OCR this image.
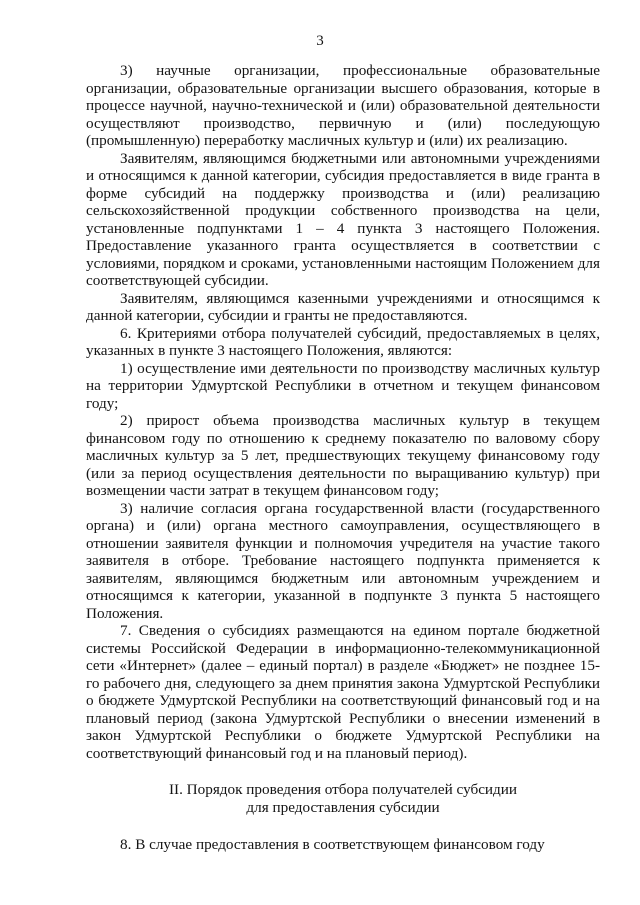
3

3) научные организации, профессиональные образовательные организации, образовательные организации высшего образования, которые в процессе научной, научно-технической и (или) образовательной деятельности осуществляют производство, первичную и (или) последующую (промышленную) переработку масличных культур и (или) их реализацию.

Заявителям, являющимся бюджетными или автономными учреждениями и относящимся к данной категории, субсидия предоставляется в виде гранта в форме субсидий на поддержку производства и (или) реализацию сельскохозяйственной продукции собственного производства на цели, установленные подпунктами 1 – 4 пункта 3 настоящего Положения. Предоставление указанного гранта осуществляется в соответствии с условиями, порядком и сроками, установленными настоящим Положением для соответствующей субсидии.

Заявителям, являющимся казенными учреждениями и относящимся к данной категории, субсидии и гранты не предоставляются.

6. Критериями отбора получателей субсидий, предоставляемых в целях, указанных в пункте 3 настоящего Положения, являются:

1) осуществление ими деятельности по производству масличных культур на территории Удмуртской Республики в отчетном и текущем финансовом году;

2) прирост объема производства масличных культур в текущем финансовом году по отношению к среднему показателю по валовому сбору масличных культур за 5 лет, предшествующих текущему финансовому году (или за период осуществления деятельности по выращиванию культур) при возмещении части затрат в текущем финансовом году;

3) наличие согласия органа государственной власти (государственного органа) и (или) органа местного самоуправления, осуществляющего в отношении заявителя функции и полномочия учредителя на участие такого заявителя в отборе. Требование настоящего подпункта применяется к заявителям, являющимся бюджетным или автономным учреждением и относящимся к категории, указанной в подпункте 3 пункта 5 настоящего Положения.

7. Сведения о субсидиях размещаются на едином портале бюджетной системы Российской Федерации в информационно-телекоммуникационной сети «Интернет» (далее – единый портал) в разделе «Бюджет» не позднее 15-го рабочего дня, следующего за днем принятия закона Удмуртской Республики о бюджете Удмуртской Республики на соответствующий финансовый год и на плановый период (закона Удмуртской Республики о внесении изменений в закон Удмуртской Республики о бюджете Удмуртской Республики на соответствующий финансовый год и на плановый период).

II. Порядок проведения отбора получателей субсидии
для предоставления субсидии

8. В случае предоставления в соответствующем финансовом году
